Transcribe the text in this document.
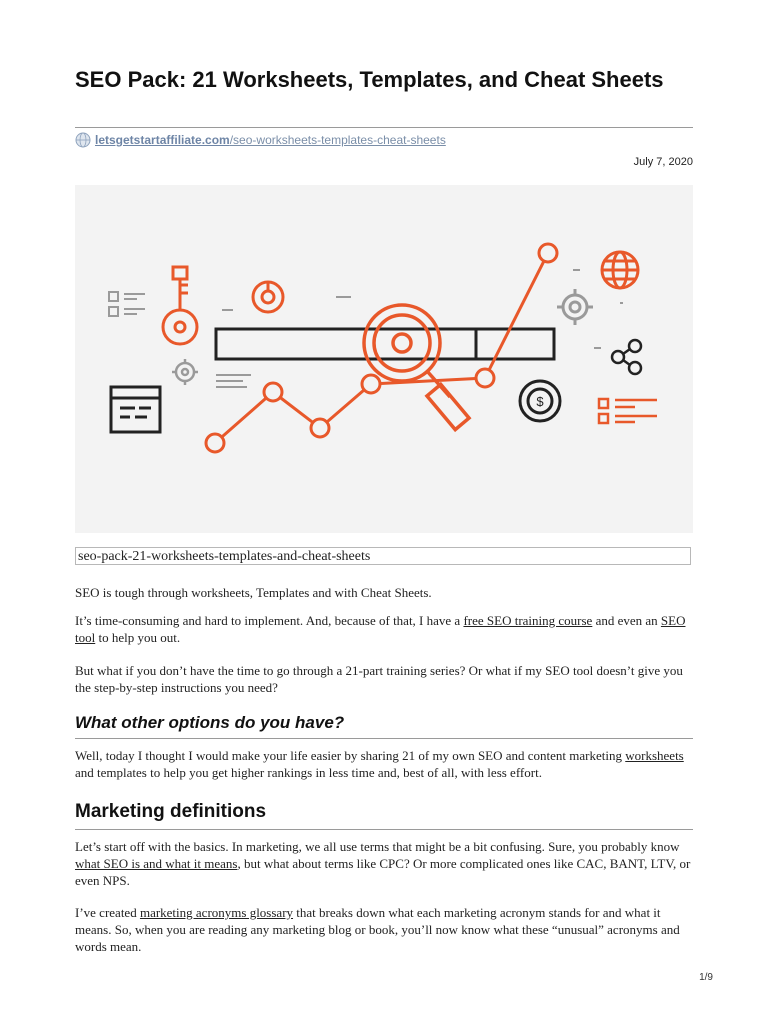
SEO Pack: 21 Worksheets, Templates, and Cheat Sheets
letsgetstartaffiliate.com /seo-worksheets-templates-cheat-sheets
July 7, 2020
$
seo-pack-21-worksheets-templates-and-cheat-sheets

SEO is tough through worksheets, Templates and with Cheat Sheets.

It’s time-consuming and hard to implement. And, because of that, I have a free SEO training course and even an SEO tool to help you out.

But what if you don’t have the time to go through a 21-part training series? Or what if my SEO tool doesn’t give you the step-by-step instructions you need?

What other options do you have?

Well, today I thought I would make your life easier by sharing 21 of my own SEO and content marketing worksheets and templates to help you get higher rankings in less time and, best of all, with less effort.

Marketing definitions

Let’s start off with the basics. In marketing, we all use terms that might be a bit confusing. Sure, you probably know what SEO is and what it means, but what about terms like CPC? Or more complicated ones like CAC, BANT, LTV, or even NPS.

I’ve created marketing acronyms glossary that breaks down what each marketing acronym stands for and what it means. So, when you are reading any marketing blog or book, you’ll now know what these “unusual” acronyms and words mean.

1/9
